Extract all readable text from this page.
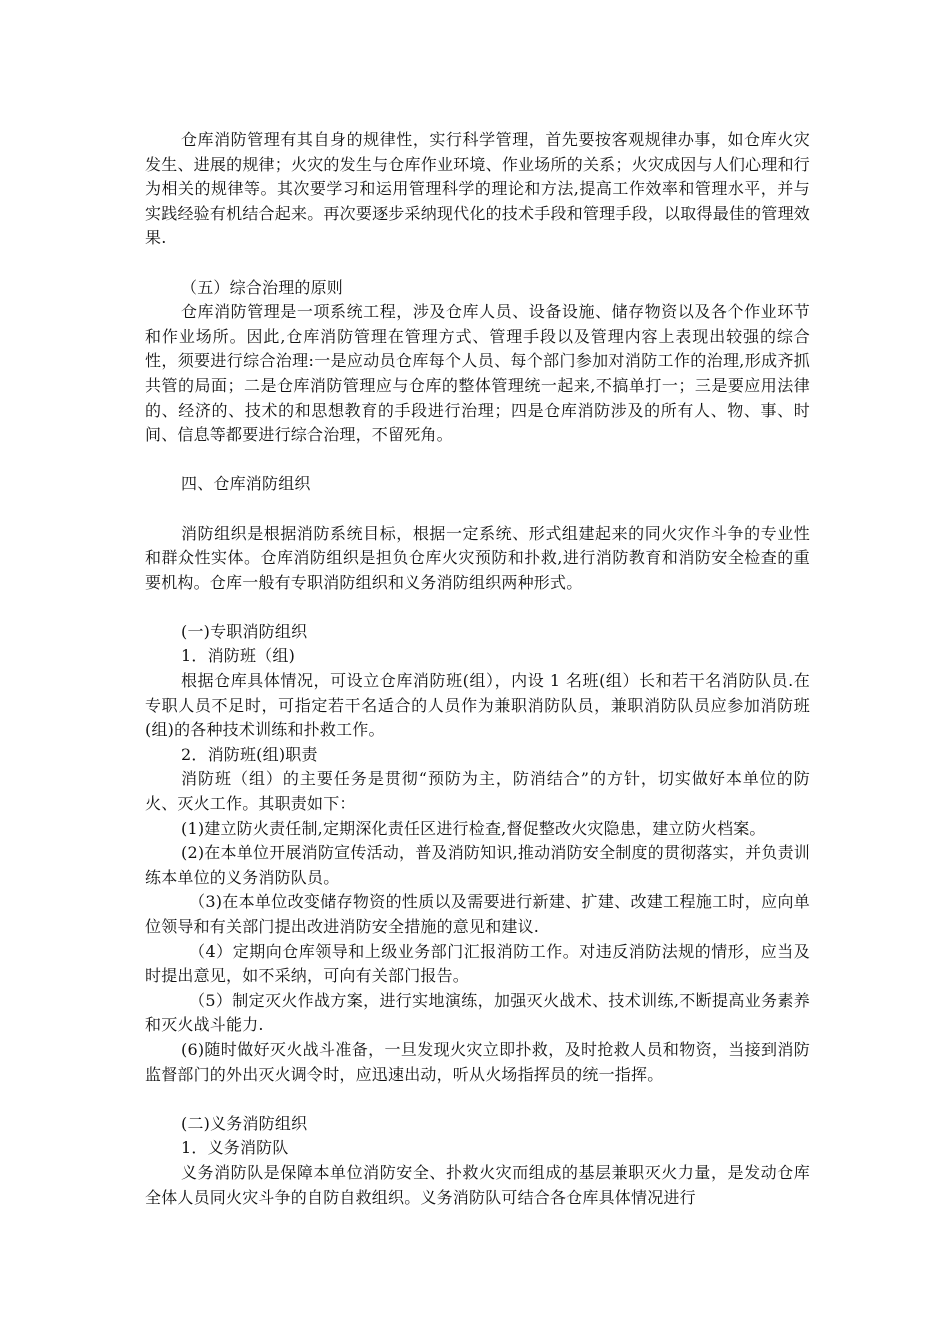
仓库消防管理有其自身的规律性，实行科学管理，首先要按客观规律办事，如仓库火灾发生、进展的规律；火灾的发生与仓库作业环境、作业场所的关系；火灾成因与人们心理和行为相关的规律等。其次要学习和运用管理科学的理论和方法,提高工作效率和管理水平，并与实践经验有机结合起来。再次要逐步采纳现代化的技术手段和管理手段，以取得最佳的管理效果.

（五）综合治理的原则

仓库消防管理是一项系统工程，涉及仓库人员、设备设施、储存物资以及各个作业环节和作业场所。因此,仓库消防管理在管理方式、管理手段以及管理内容上表现出较强的综合性，须要进行综合治理:一是应动员仓库每个人员、每个部门参加对消防工作的治理,形成齐抓共管的局面；二是仓库消防管理应与仓库的整体管理统一起来,不搞单打一；三是要应用法律的、经济的、技术的和思想教育的手段进行治理；四是仓库消防涉及的所有人、物、事、时间、信息等都要进行综合治理，不留死角。

四、仓库消防组织

消防组织是根据消防系统目标，根据一定系统、形式组建起来的同火灾作斗争的专业性和群众性实体。仓库消防组织是担负仓库火灾预防和扑救,进行消防教育和消防安全检查的重要机构。仓库一般有专职消防组织和义务消防组织两种形式。

(一)专职消防组织

1．消防班（组)

根据仓库具体情况，可设立仓库消防班(组），内设 1 名班(组）长和若干名消防队员.在专职人员不足时，可指定若干名适合的人员作为兼职消防队员，兼职消防队员应参加消防班(组)的各种技术训练和扑救工作。

2．消防班(组)职责

消防班（组）的主要任务是贯彻“预防为主，防消结合”的方针，切实做好本单位的防火、灭火工作。其职责如下：

(1)建立防火责任制,定期深化责任区进行检查,督促整改火灾隐患，建立防火档案。

(2)在本单位开展消防宣传活动，普及消防知识,推动消防安全制度的贯彻落实，并负责训练本单位的义务消防队员。

（3)在本单位改变储存物资的性质以及需要进行新建、扩建、改建工程施工时，应向单位领导和有关部门提出改进消防安全措施的意见和建议.

（4）定期向仓库领导和上级业务部门汇报消防工作。对违反消防法规的情形，应当及时提出意见，如不采纳，可向有关部门报告。

（5）制定灭火作战方案，进行实地演练，加强灭火战术、技术训练,不断提高业务素养和灭火战斗能力.

(6)随时做好灭火战斗准备，一旦发现火灾立即扑救，及时抢救人员和物资，当接到消防监督部门的外出灭火调令时，应迅速出动，听从火场指挥员的统一指挥。

(二)义务消防组织

1．义务消防队

义务消防队是保障本单位消防安全、扑救火灾而组成的基层兼职灭火力量，是发动仓库全体人员同火灾斗争的自防自救组织。义务消防队可结合各仓库具体情况进行
